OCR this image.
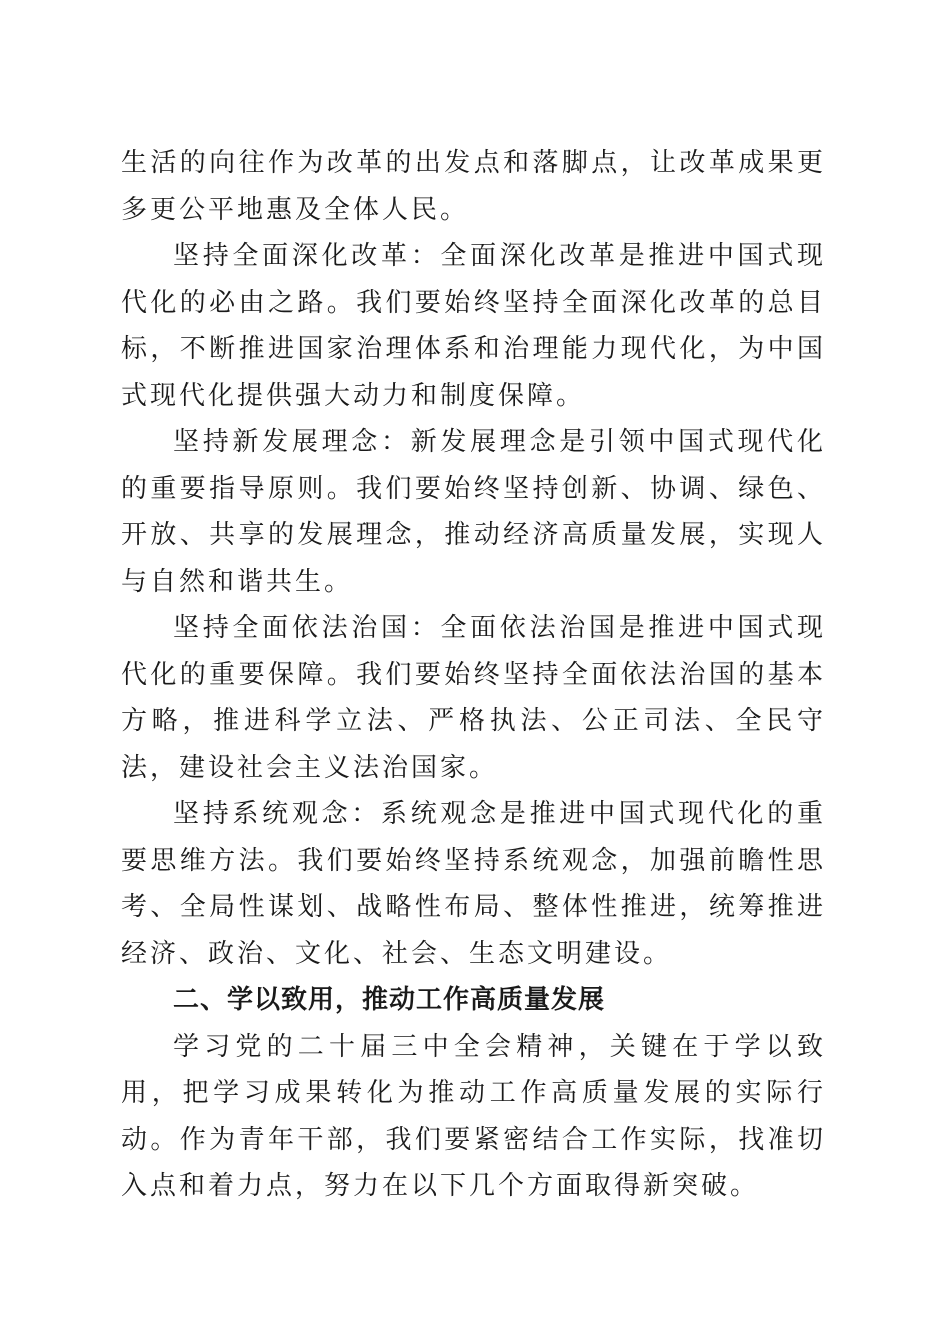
生活的向往作为改革的出发点和落脚点，让改革成果更多更公平地惠及全体人民。

坚持全面深化改革：全面深化改革是推进中国式现代化的必由之路。我们要始终坚持全面深化改革的总目标，不断推进国家治理体系和治理能力现代化，为中国式现代化提供强大动力和制度保障。

坚持新发展理念：新发展理念是引领中国式现代化的重要指导原则。我们要始终坚持创新、协调、绿色、开放、共享的发展理念，推动经济高质量发展，实现人与自然和谐共生。

坚持全面依法治国：全面依法治国是推进中国式现代化的重要保障。我们要始终坚持全面依法治国的基本方略，推进科学立法、严格执法、公正司法、全民守法，建设社会主义法治国家。

坚持系统观念：系统观念是推进中国式现代化的重要思维方法。我们要始终坚持系统观念，加强前瞻性思考、全局性谋划、战略性布局、整体性推进，统筹推进经济、政治、文化、社会、生态文明建设。

二、学以致用，推动工作高质量发展

学习党的二十届三中全会精神，关键在于学以致用，把学习成果转化为推动工作高质量发展的实际行动。作为青年干部，我们要紧密结合工作实际，找准切入点和着力点，努力在以下几个方面取得新突破。
